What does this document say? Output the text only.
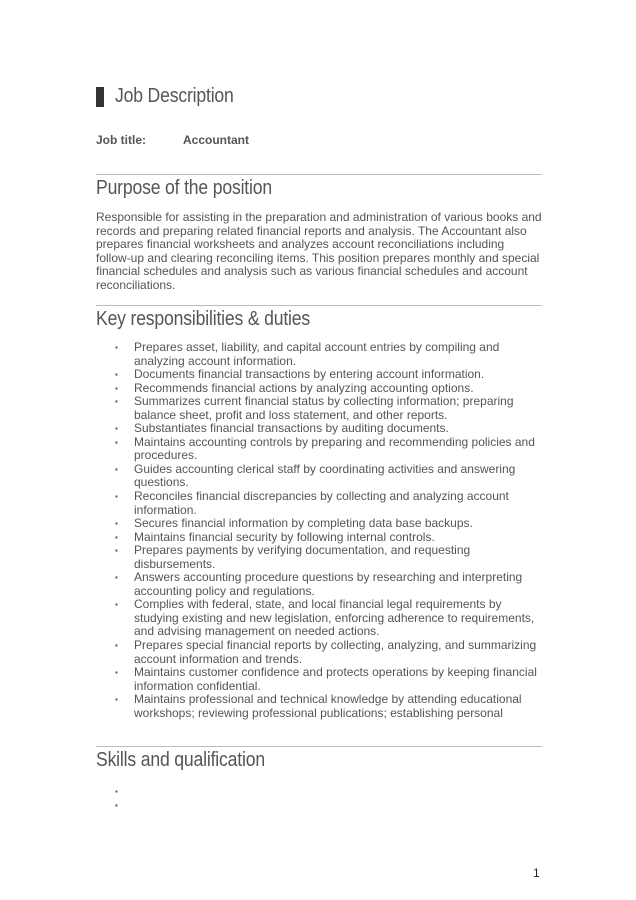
Job Description
Job title:	Accountant
Purpose of the position
Responsible for assisting in the preparation and administration of various books and records and preparing related financial reports and analysis. The Accountant also prepares financial worksheets and analyzes account reconciliations including follow-up and clearing reconciling items. This position prepares monthly and special financial schedules and analysis such as various financial schedules and account reconciliations.
Key responsibilities & duties
▪ Prepares asset, liability, and capital account entries by compiling and analyzing account information.
▪ Documents financial transactions by entering account information.
▪ Recommends financial actions by analyzing accounting options.
▪ Summarizes current financial status by collecting information; preparing balance sheet, profit and loss statement, and other reports.
▪ Substantiates financial transactions by auditing documents.
▪ Maintains accounting controls by preparing and recommending policies and procedures.
▪ Guides accounting clerical staff by coordinating activities and answering questions.
▪ Reconciles financial discrepancies by collecting and analyzing account information.
▪ Secures financial information by completing data base backups.
▪ Maintains financial security by following internal controls.
▪ Prepares payments by verifying documentation, and requesting disbursements.
▪ Answers accounting procedure questions by researching and interpreting accounting policy and regulations.
▪ Complies with federal, state, and local financial legal requirements by studying existing and new legislation, enforcing adherence to requirements, and advising management on needed actions.
▪ Prepares special financial reports by collecting, analyzing, and summarizing account information and trends.
▪ Maintains customer confidence and protects operations by keeping financial information confidential.
▪ Maintains professional and technical knowledge by attending educational workshops; reviewing professional publications; establishing personal
Skills and qualification
▪
▪
1
